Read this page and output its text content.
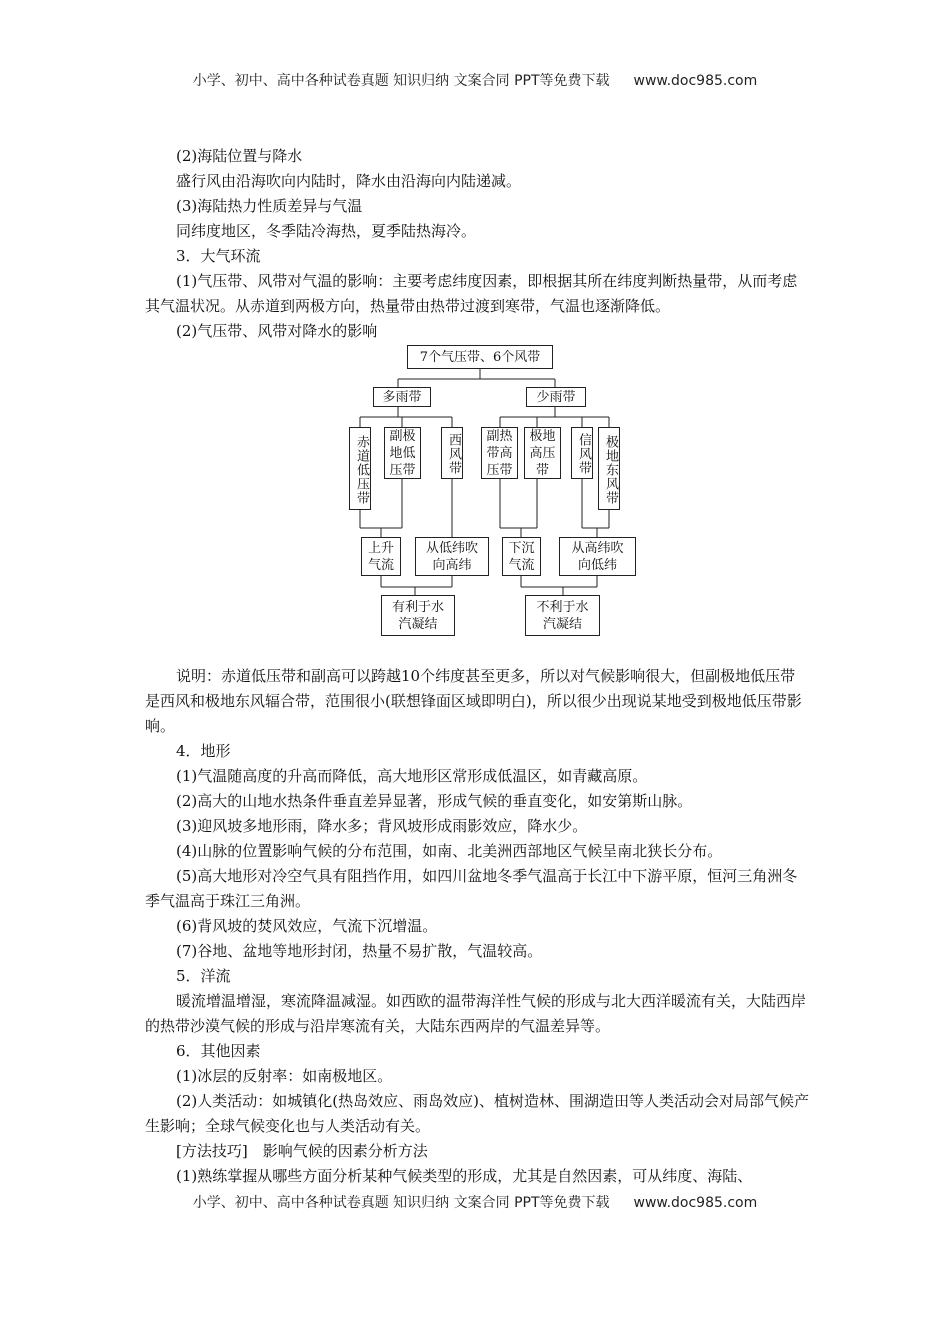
小学、初中、高中各种试卷真题 知识归纳 文案合同 PPT等免费下载 www.doc985.com

(2)海陆位置与降水

盛行风由沿海吹向内陆时，降水由沿海向内陆递减。

(3)海陆热力性质差异与气温

同纬度地区，冬季陆冷海热，夏季陆热海冷。

3．大气环流

(1)气压带、风带对气温的影响：主要考虑纬度因素，即根据其所在纬度判断热量带，从而考虑其气温状况。从赤道到两极方向，热量带由热带过渡到寒带，气温也逐渐降低。

(2)气压带、风带对降水的影响

7个气压带、6个风带
多雨带	少雨带
赤道低压带 副极
地低
压带	西风带 副热
带高
压带
极地
高压
带	信风带 极地东风带
上升
气流
从低纬吹
向高纬
下沉
气流
从高纬吹
向低纬
有利于水
汽凝结
不利于水
汽凝结

说明：赤道低压带和副高可以跨越10个纬度甚至更多，所以对气候影响很大，但副极地低压带是西风和极地东风辐合带，范围很小(联想锋面区域即明白)，所以很少出现说某地受到极地低压带影响。

4．地形

(1)气温随高度的升高而降低，高大地形区常形成低温区，如青藏高原。

(2)高大的山地水热条件垂直差异显著，形成气候的垂直变化，如安第斯山脉。

(3)迎风坡多地形雨，降水多；背风坡形成雨影效应，降水少。

(4)山脉的位置影响气候的分布范围，如南、北美洲西部地区气候呈南北狭长分布。

(5)高大地形对冷空气具有阻挡作用，如四川盆地冬季气温高于长江中下游平原，恒河三角洲冬季气温高于珠江三角洲。

(6)背风坡的焚风效应，气流下沉增温。

(7)谷地、盆地等地形封闭，热量不易扩散，气温较高。

5．洋流

暖流增温增湿，寒流降温减湿。如西欧的温带海洋性气候的形成与北大西洋暖流有关，大陆西岸的热带沙漠气候的形成与沿岸寒流有关，大陆东西两岸的气温差异等。

6．其他因素

(1)冰层的反射率：如南极地区。

(2)人类活动：如城镇化(热岛效应、雨岛效应)、植树造林、围湖造田等人类活动会对局部气候产生影响；全球气候变化也与人类活动有关。

[方法技巧]　影响气候的因素分析方法

(1)熟练掌握从哪些方面分析某种气候类型的形成，尤其是自然因素，可从纬度、海陆、

小学、初中、高中各种试卷真题 知识归纳 文案合同 PPT等免费下载 www.doc985.com
